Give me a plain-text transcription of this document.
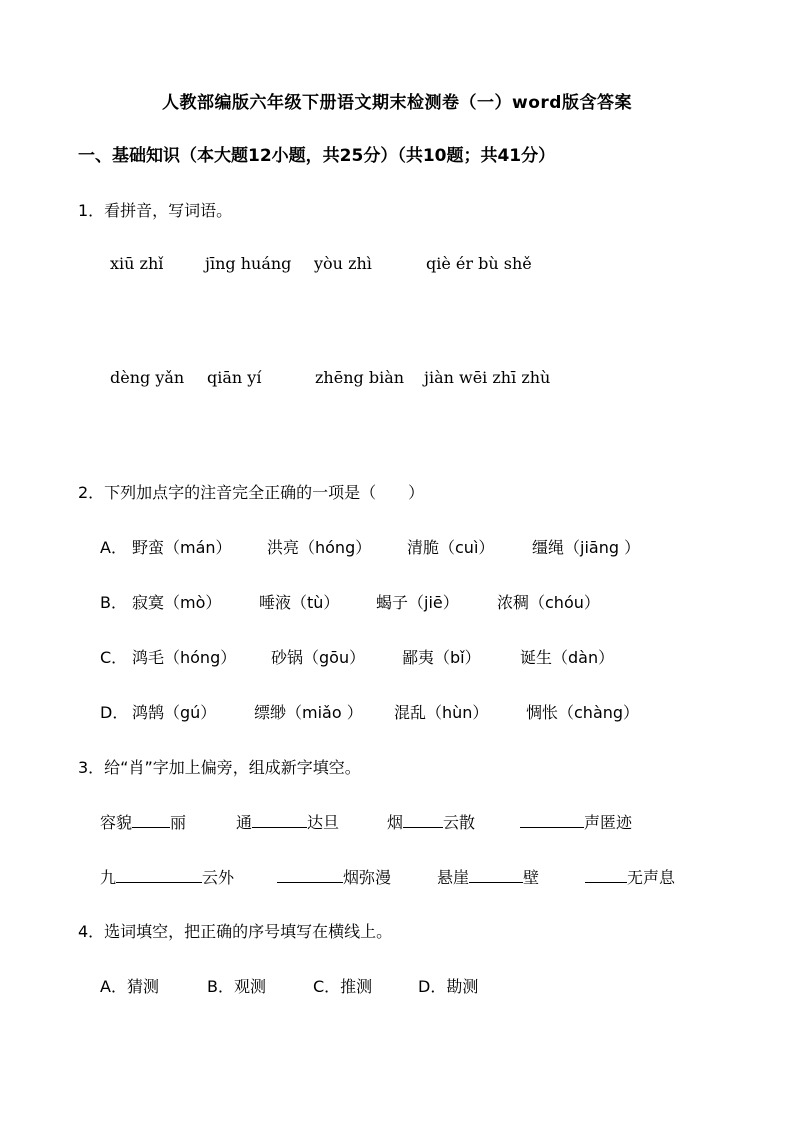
人教部编版六年级下册语文期末检测卷（一）word版含答案
一、基础知识（本大题12小题，共25分）（共10题；共41分）
1．看拼音，写词语。
xiū zhǐ	jīng huáng yòu zhì	qiè ér bù shě
dèng yǎn qiān yí	zhēng biàn jiàn wēi zhī zhù
2．下列加点字的注音完全正确的一项是（　　）
A． 野蛮（mán） 洪亮（hóng） 清脆（cuì） 缰绳（jiāng ）
B． 寂寞（mò） 唾液（tù） 蝎子（jiē） 浓稠（chóu）
C． 鸿毛（hóng） 砂锅（gōu） 鄙夷（bǐ） 诞生（dàn）
D． 鸿鹄（gú） 缥缈（miǎo ） 混乱（hùn） 惆怅（chàng）
3．给“肖”字加上偏旁，组成新字填空。
容貌 丽	通	达旦	烟	云散	声匿迹
九	云外	烟弥漫	悬崖	壁	无声息
4．选词填空，把正确的序号填写在横线上。
A．猜测	B．观测	C．推测	D．勘测
